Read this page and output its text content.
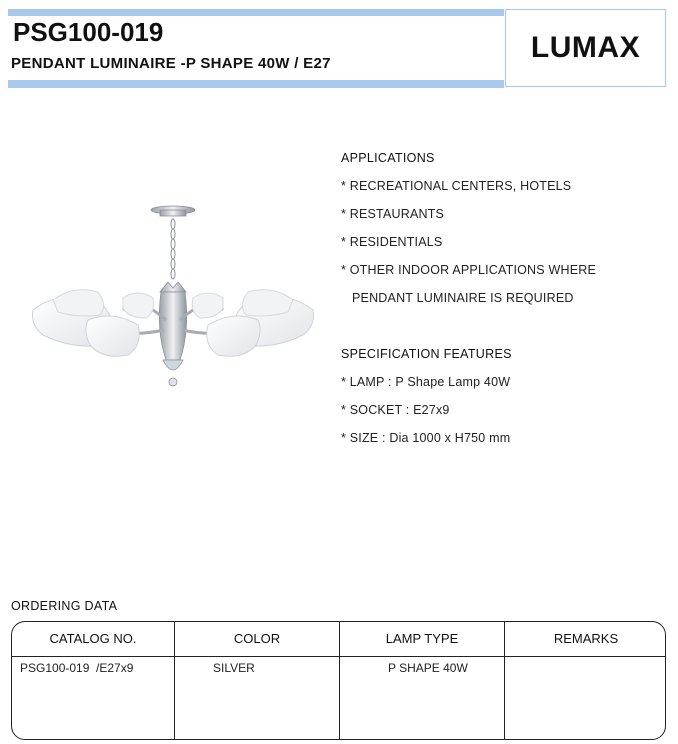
PSG100-019
PENDANT LUMINAIRE -P SHAPE 40W / E27	LUMAX
APPLICATIONS
* RECREATIONAL CENTERS, HOTELS
* RESTAURANTS
* RESIDENTIALS
* OTHER INDOOR APPLICATIONS WHERE
PENDANT LUMINAIRE IS REQUIRED
SPECIFICATION FEATURES
* LAMP : P Shape Lamp 40W
* SOCKET : E27x9
* SIZE : Dia 1000 x H750 mm
ORDERING DATA
CATALOG NO.	COLOR	LAMP TYPE	REMARKS
PSG100-019  /E27x9	SILVER	P SHAPE 40W
